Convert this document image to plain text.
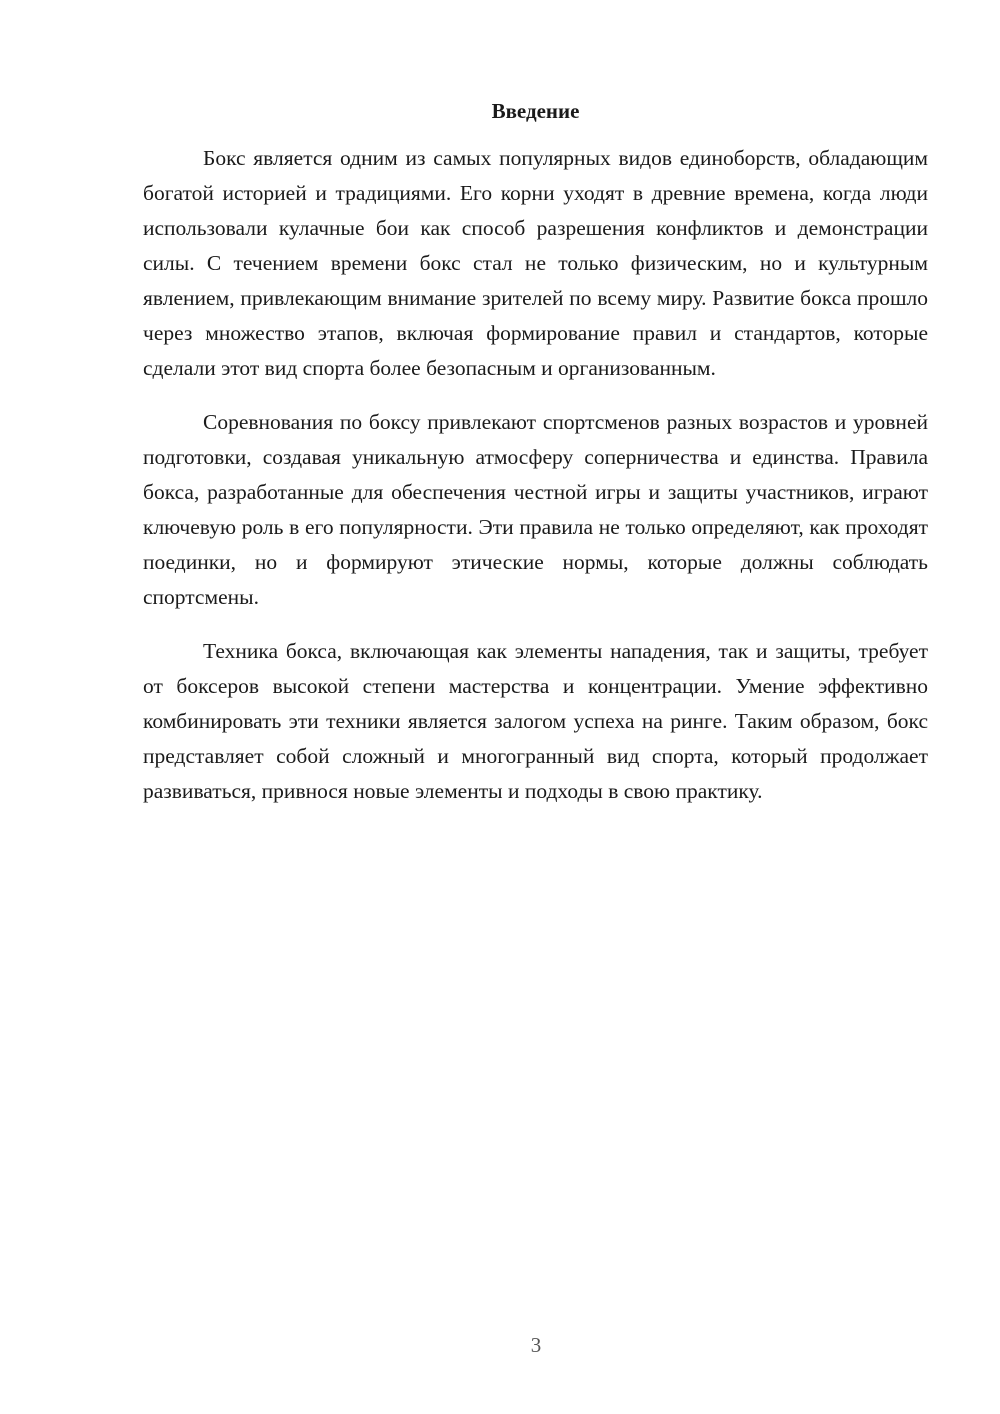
Введение

Бокс является одним из самых популярных видов единоборств, обладающим богатой историей и традициями. Его корни уходят в древние времена, когда люди использовали кулачные бои как способ разрешения конфликтов и демонстрации силы. С течением времени бокс стал не только физическим, но и культурным явлением, привлекающим внимание зрителей по всему миру. Развитие бокса прошло через множество этапов, включая формирование правил и стандартов, которые сделали этот вид спорта более безопасным и организованным.

Соревнования по боксу привлекают спортсменов разных возрастов и уровней подготовки, создавая уникальную атмосферу соперничества и единства. Правила бокса, разработанные для обеспечения честной игры и защиты участников, играют ключевую роль в его популярности. Эти правила не только определяют, как проходят поединки, но и формируют этические нормы, которые должны соблюдать спортсмены.

Техника бокса, включающая как элементы нападения, так и защиты, требует от боксеров высокой степени мастерства и концентрации. Умение эффективно комбинировать эти техники является залогом успеха на ринге. Таким образом, бокс представляет собой сложный и многогранный вид спорта, который продолжает развиваться, привнося новые элементы и подходы в свою практику.

3
